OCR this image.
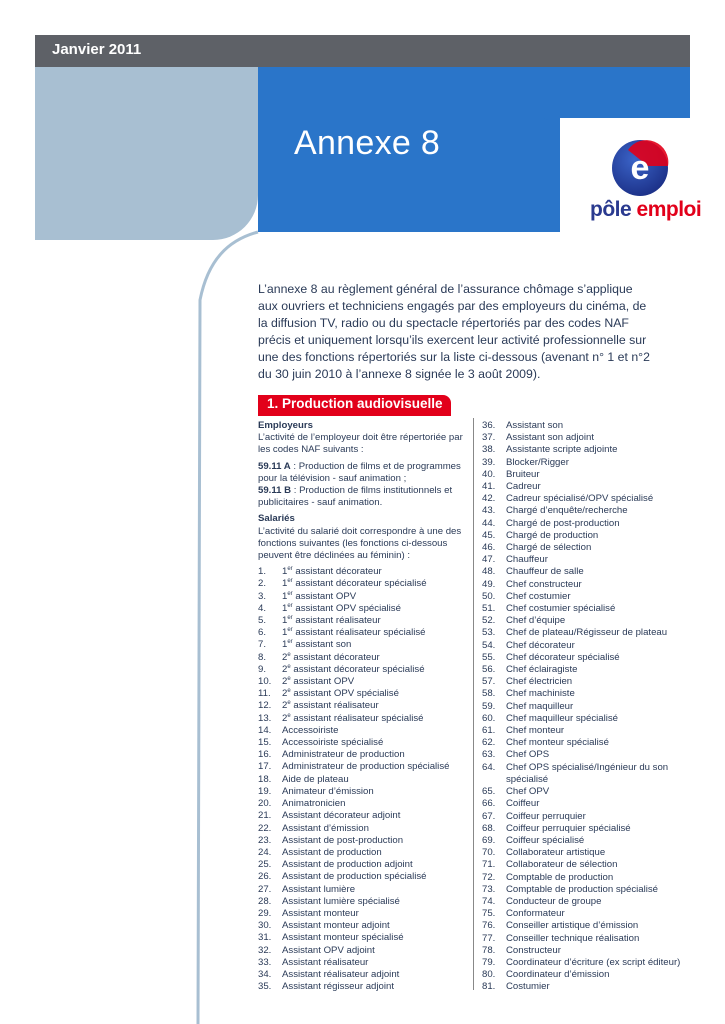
Janvier 2011
Annexe 8
e
pôle emploi
L’annexe 8 au règlement général de l’assurance chômage s’applique aux ouvriers et techniciens engagés par des employeurs du cinéma, de la diffusion TV, radio ou du spectacle répertoriés par des codes NAF précis et uniquement lorsqu’ils exercent leur activité professionnelle sur une des fonctions répertoriés sur la liste ci-dessous (avenant n° 1 et n°2 du 30 juin 2010 à l’annexe 8 signée le 3 août 2009).
1. Production audiovisuelle
Employeurs

L’activité de l’employeur doit être répertoriée par les codes NAF suivants :

59.11 A : Production de films et de programmes pour la télévision - sauf animation ;

59.11 B : Production de films institutionnels et publicitaires - sauf animation.

Salariés

L’activité du salarié doit correspondre à une des fonctions suivantes (les fonctions ci-dessous peuvent être déclinées au féminin) :

1.	1er assistant décorateur
2.	1er assistant décorateur spécialisé
3.	1er assistant OPV
4.	1er assistant OPV spécialisé
5.	1er assistant réalisateur
6.	1er assistant réalisateur spécialisé
7.	1er assistant son
8.	2e assistant décorateur
9.	2e assistant décorateur spécialisé
10.	2e assistant OPV
11.	2e assistant OPV spécialisé
12.	2e assistant réalisateur
13.	2e assistant réalisateur spécialisé
14.	Accessoiriste
15.	Accessoiriste spécialisé
16.	Administrateur de production
17.	Administrateur de production spécialisé
18.	Aide de plateau
19.	Animateur d’émission
20.	Animatronicien
21.	Assistant décorateur adjoint
22.	Assistant d’émission
23.	Assistant de post-production
24.	Assistant de production
25.	Assistant de production adjoint
26.	Assistant de production spécialisé
27.	Assistant lumière
28.	Assistant lumière spécialisé
29.	Assistant monteur
30.	Assistant monteur adjoint
31.	Assistant monteur spécialisé
32.	Assistant OPV adjoint
33.	Assistant réalisateur
34.	Assistant réalisateur adjoint
35.	Assistant régisseur adjoint
36.	Assistant son
37.	Assistant son adjoint
38.	Assistante scripte adjointe
39.	Blocker/Rigger
40.	Bruiteur
41.	Cadreur
42.	Cadreur spécialisé/OPV spécialisé
43.	Chargé d’enquête/recherche
44.	Chargé de post-production
45.	Chargé de production
46.	Chargé de sélection
47.	Chauffeur
48.	Chauffeur de salle
49.	Chef constructeur
50.	Chef costumier
51.	Chef costumier spécialisé
52.	Chef d’équipe
53.	Chef de plateau/Régisseur de plateau
54.	Chef décorateur
55.	Chef décorateur spécialisé
56.	Chef éclairagiste
57.	Chef électricien
58.	Chef machiniste
59.	Chef maquilleur
60.	Chef maquilleur spécialisé
61.	Chef monteur
62.	Chef monteur spécialisé
63.	Chef OPS
64.	Chef OPS spécialisé/Ingénieur du son spécialisé
65.	Chef OPV
66.	Coiffeur
67.	Coiffeur perruquier
68.	Coiffeur perruquier spécialisé
69.	Coiffeur spécialisé
70.	Collaborateur artistique
71.	Collaborateur de sélection
72.	Comptable de production
73.	Comptable de production spécialisé
74.	Conducteur de groupe
75.	Conformateur
76.	Conseiller artistique d’émission
77.	Conseiller technique réalisation
78.	Constructeur
79.	Coordinateur d’écriture (ex script éditeur)
80.	Coordinateur d’émission
81.	Costumier
